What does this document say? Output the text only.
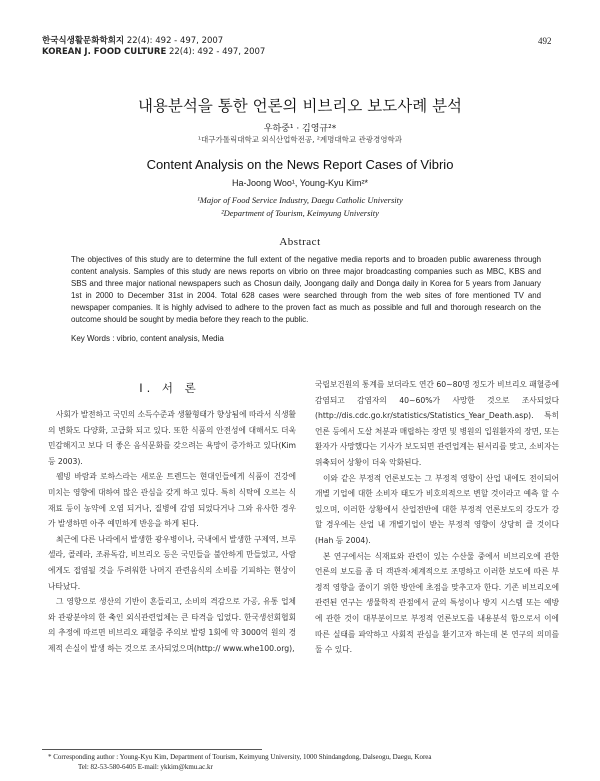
한국식생활문화학회지 22(4): 492 - 497, 2007
KOREAN J. FOOD CULTURE 22(4): 492 - 497, 2007
492
내용분석을 통한 언론의 비브리오 보도사례 분석
우하중¹ · 김영규²*
¹대구가톨릭대학교 외식산업학전공, ²계명대학교 관광경영학과
Content Analysis on the News Report Cases of Vibrio
Ha-Joong Woo¹, Young-Kyu Kim²*
¹Major of Food Service Industry, Daegu Catholic University
²Department of Tourism, Keimyung University
Abstract
The objectives of this study are to determine the full extent of the negative media reports and to broaden public awareness through content analysis. Samples of this study are news reports on vibrio on three major broadcasting companies such as MBC, KBS and SBS and three major national newspapers such as Chosun daily, Joongang daily and Donga daily in Korea for 5 years from January 1st in 2000 to December 31st in 2004. Total 628 cases were searched through from the web sites of fore mentioned TV and newspaper companies. It is highly advised to adhere to the proven fact as much as possible and full and thorough research on the outcome should be sought by media before they reach to the public.
Key Words : vibrio, content analysis, Media
I. 서 론

사회가 발전하고 국민의 소득수준과 생활형태가 향상됨에 따라서 식생활의 변화도 다양화, 고급화 되고 있다. 또한 식품의 안전성에 대해서도 더욱 민감해지고 보다 더 좋은 음식문화를 갖으려는 욕망이 증가하고 있다(Kim 등 2003).

웰빙 바람과 로하스라는 새로운 트렌드는 현대인들에게 식품이 건강에 미치는 영향에 대하여 많은 관심을 갖게 하고 있다. 특히 식탁에 오르는 식재료 등이 농약에 오염 되거나, 질병에 감염 되었다거나 그와 유사한 경우가 발생하면 아주 예민하게 반응을 하게 된다.

최근에 다른 나라에서 발생한 광우병이나, 국내에서 발생한 구제역, 브루셀라, 콜레라, 조류독감, 비브리오 등은 국민들을 불안하게 만들었고, 사람에게도 접염될 것을 두려워한 나머지 관련음식의 소비를 기피하는 현상이 나타났다.

그 영향으로 생산의 기반이 흔들리고, 소비의 격감으로 가공, 유통 업체와 관광분야의 한 축인 외식관련업체는 큰 타격을 입었다. 한국생선회협회의 추정에 따르면 비브리오 패혈증 주의보 발령 1회에 약 3000억 원의 경제적 손실이 발생 하는 것으로 조사되었으며(http:// www.whe100.org),

국립보건원의 통계를 보더라도 연간 60~80명 정도가 비브리오 패혈증에 감염되고 감염자의 40~60%가 사망한 것으로 조사되었다(http://dis.cdc.go.kr/statistics/Statistics_Year_Death.asp). 특히 언론 등에서 도살 처분과 매립하는 장면 및 병원의 입원환자의 장면, 또는 환자가 사망했다는 기사가 보도되면 관련업계는 된서리를 맞고, 소비자는 위축되어 상황이 더욱 악화된다.

이와 같은 부정적 언론보도는 그 부정적 영향이 산업 내에도 전이되어 개별 기업에 대한 소비자 태도가 비호의적으로 변할 것이라고 예측 할 수 있으며, 이러한 상황에서 산업전반에 대한 부정적 언론보도의 강도가 강할 경우에는 산업 내 개별기업이 받는 부정적 영향이 상당히 클 것이다(Hah 등 2004).

본 연구에서는 식재료와 관련이 있는 수산물 중에서 비브리오에 관한 언론의 보도를 좀 더 객관적·체계적으로 조명하고 이러한 보도에 따른 부정적 영향을 줄이기 위한 방안에 초점을 맞추고자 한다. 기존 비브리오에 관련된 연구는 생물학적 관점에서 균의 특성이나 방지 시스템 또는 예방에 관한 것이 대부분이므로 부정적 언론보도를 내용분석 함으로서 이에 따른 실태를 파악하고 사회적 관심을 환기고자 하는데 본 연구의 의미를 둘 수 있다.

* Corresponding author : Young-Kyu Kim, Department of Tourism, Keimyung University, 1000 Shindangdong, Dalseogu, Daegu, Korea
Tel: 82-53-580-6405 E-mail: ykkim@kmu.ac.kr
